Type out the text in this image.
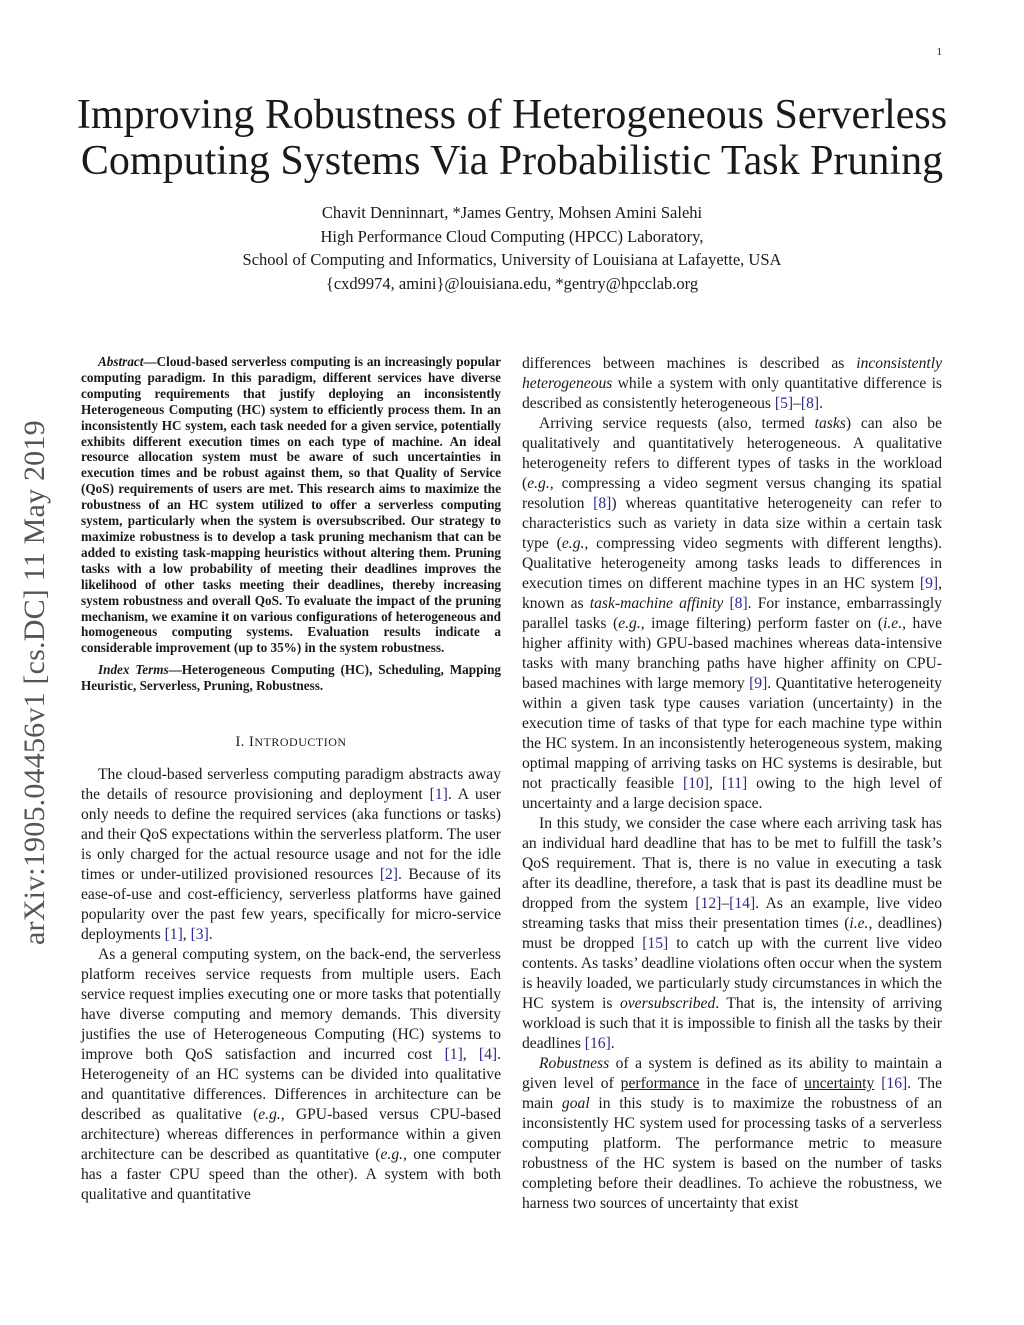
1
arXiv:1905.04456v1 [cs.DC] 11 May 2019
Improving Robustness of Heterogeneous Serverless
Computing Systems Via Probabilistic Task Pruning
Chavit Denninnart, *James Gentry, Mohsen Amini Salehi
High Performance Cloud Computing (HPCC) Laboratory,
School of Computing and Informatics, University of Louisiana at Lafayette, USA
{cxd9974, amini}@louisiana.edu, *gentry@hpcclab.org

Abstract—Cloud-based serverless computing is an increasingly popular computing paradigm. In this paradigm, different services have diverse computing requirements that justify deploying an inconsistently Heterogeneous Computing (HC) system to efficiently process them. In an inconsistently HC system, each task needed for a given service, potentially exhibits different execution times on each type of machine. An ideal resource allocation system must be aware of such uncertainties in execution times and be robust against them, so that Quality of Service (QoS) requirements of users are met. This research aims to maximize the robustness of an HC system utilized to offer a serverless computing system, particularly when the system is oversubscribed. Our strategy to maximize robustness is to develop a task pruning mechanism that can be added to existing task-mapping heuristics without altering them. Pruning tasks with a low probability of meeting their deadlines improves the likelihood of other tasks meeting their deadlines, thereby increasing system robustness and overall QoS. To evaluate the impact of the pruning mechanism, we examine it on various configurations of heterogeneous and homogeneous computing systems. Evaluation results indicate a considerable improvement (up to 35%) in the system robustness.

Index Terms—Heterogeneous Computing (HC), Scheduling, Mapping Heuristic, Serverless, Pruning, Robustness.

I. INTRODUCTION

The cloud-based serverless computing paradigm abstracts away the details of resource provisioning and deployment [1]. A user only needs to define the required services (aka functions or tasks) and their QoS expectations within the serverless platform. The user is only charged for the actual resource usage and not for the idle times or under-utilized provisioned resources [2]. Because of its ease-of-use and cost-efficiency, serverless platforms have gained popularity over the past few years, specifically for micro-service deployments [1], [3].

As a general computing system, on the back-end, the serverless platform receives service requests from multiple users. Each service request implies executing one or more tasks that potentially have diverse computing and memory demands. This diversity justifies the use of Heterogeneous Computing (HC) systems to improve both QoS satisfaction and incurred cost [1], [4]. Heterogeneity of an HC systems can be divided into qualitative and quantitative differences. Differences in architecture can be described as qualitative (e.g., GPU-based versus CPU-based architecture) whereas differences in performance within a given architecture can be described as quantitative (e.g., one computer has a faster CPU speed than the other). A system with both qualitative and quantitative

differences between machines is described as inconsistently heterogeneous while a system with only quantitative difference is described as consistently heterogeneous [5]–[8].

Arriving service requests (also, termed tasks) can also be qualitatively and quantitatively heterogeneous. A qualitative heterogeneity refers to different types of tasks in the workload (e.g., compressing a video segment versus changing its spatial resolution [8]) whereas quantitative heterogeneity can refer to characteristics such as variety in data size within a certain task type (e.g., compressing video segments with different lengths). Qualitative heterogeneity among tasks leads to differences in execution times on different machine types in an HC system [9], known as task-machine affinity [8]. For instance, embarrassingly parallel tasks (e.g., image filtering) perform faster on (i.e., have higher affinity with) GPU-based machines whereas data-intensive tasks with many branching paths have higher affinity on CPU-based machines with large memory [9]. Quantitative heterogeneity within a given task type causes variation (uncertainty) in the execution time of tasks of that type for each machine type within the HC system. In an inconsistently heterogeneous system, making optimal mapping of arriving tasks on HC systems is desirable, but not practically feasible [10], [11] owing to the high level of uncertainty and a large decision space.

In this study, we consider the case where each arriving task has an individual hard deadline that has to be met to fulfill the task’s QoS requirement. That is, there is no value in executing a task after its deadline, therefore, a task that is past its deadline must be dropped from the system [12]–[14]. As an example, live video streaming tasks that miss their presentation times (i.e., deadlines) must be dropped [15] to catch up with the current live video contents. As tasks’ deadline violations often occur when the system is heavily loaded, we particularly study circumstances in which the HC system is oversubscribed. That is, the intensity of arriving workload is such that it is impossible to finish all the tasks by their deadlines [16].

Robustness of a system is defined as its ability to maintain a given level of performance in the face of uncertainty [16]. The main goal in this study is to maximize the robustness of an inconsistently HC system used for processing tasks of a serverless computing platform. The performance metric to measure robustness of the HC system is based on the number of tasks completing before their deadlines. To achieve the robustness, we harness two sources of uncertainty that exist
